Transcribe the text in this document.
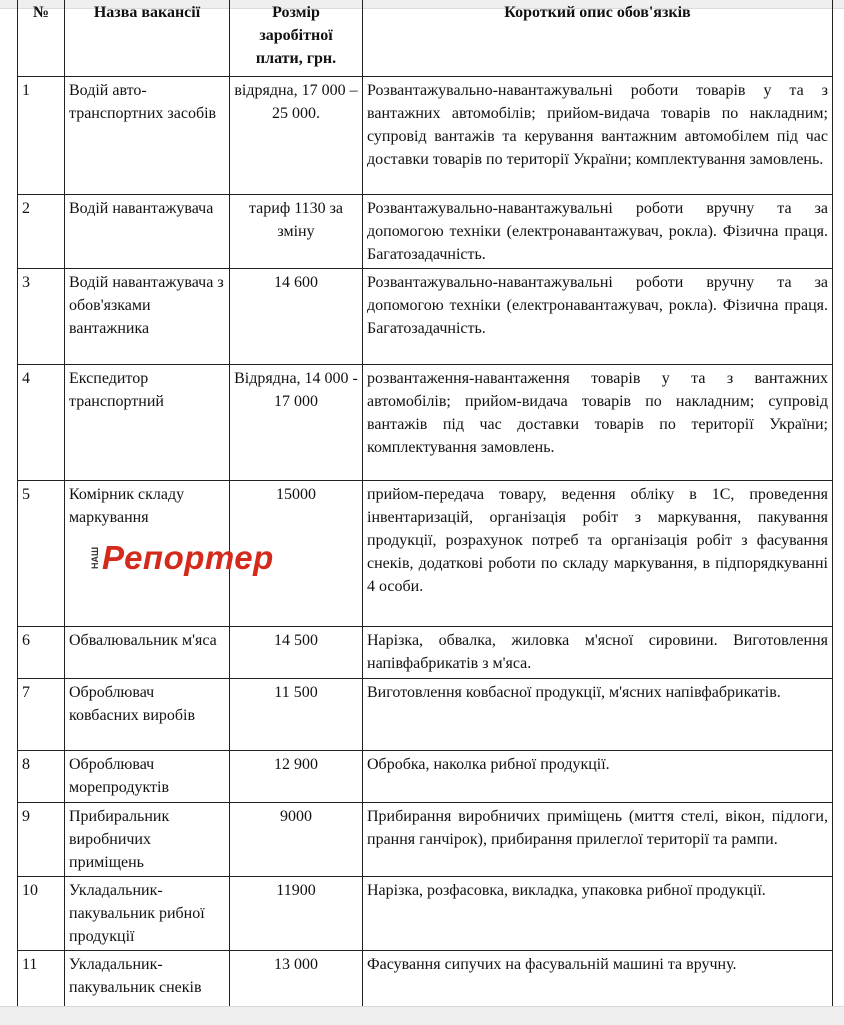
№	Назва вакансії	Розмір заробітної плати, грн.	Короткий опис обов'язків
1	Водій авто-транспортних засобів	відрядна, 17 000 – 25 000.	Розвантажувально-навантажувальні роботи товарів у та з вантажних автомобілів; прийом-видача товарів по накладним; супровід вантажів та керування вантажним автомобілем під час доставки товарів по території України; комплектування замовлень.
2	Водій навантажувача	тариф 1130 за зміну	Розвантажувально-навантажувальні роботи вручну та за допомогою техніки (електронавантажувач, рокла). Фізична праця. Багатозадачність.
3	Водій навантажувача з обов'язками вантажника	14 600	Розвантажувально-навантажувальні роботи вручну та за допомогою техніки (електронавантажувач, рокла). Фізична праця. Багатозадачність.
4	Експедитор транспортний	Відрядна, 14 000 - 17 000	розвантаження-навантаження товарів у та з вантажних автомобілів; прийом-видача товарів по накладним; супровід вантажів під час доставки товарів по території України; комплектування замовлень.
5	Комірник складу маркування	15000	прийом-передача товару, ведення обліку в 1С, проведення інвентаризацій, організація робіт з маркування, пакування продукції, розрахунок потреб та організація робіт з фасування снеків, додаткові роботи по складу маркування, в підпорядкуванні 4 особи.
6	Обвалювальник м'яса	14 500	Нарізка, обвалка, жиловка м'ясної сировини. Виготовлення напівфабрикатів з м'яса.
7	Оброблювач ковбасних виробів	11 500	Виготовлення ковбасної продукції, м'ясних напівфабрикатів.
8	Оброблювач морепродуктів	12 900	Обробка, наколка рибної продукції.
9	Прибиральник виробничих приміщень	9000	Прибирання виробничих приміщень (миття стелі, вікон, підлоги, прання ганчірок), прибирання прилеглої території та рампи.
10	Укладальник-пакувальник рибної продукції	11900	Нарізка, розфасовка, викладка, упаковка рибної продукції.
11	Укладальник-пакувальник снеків	13 000	Фасування сипучих на фасувальній машині та вручну.
НАШ Репортер
